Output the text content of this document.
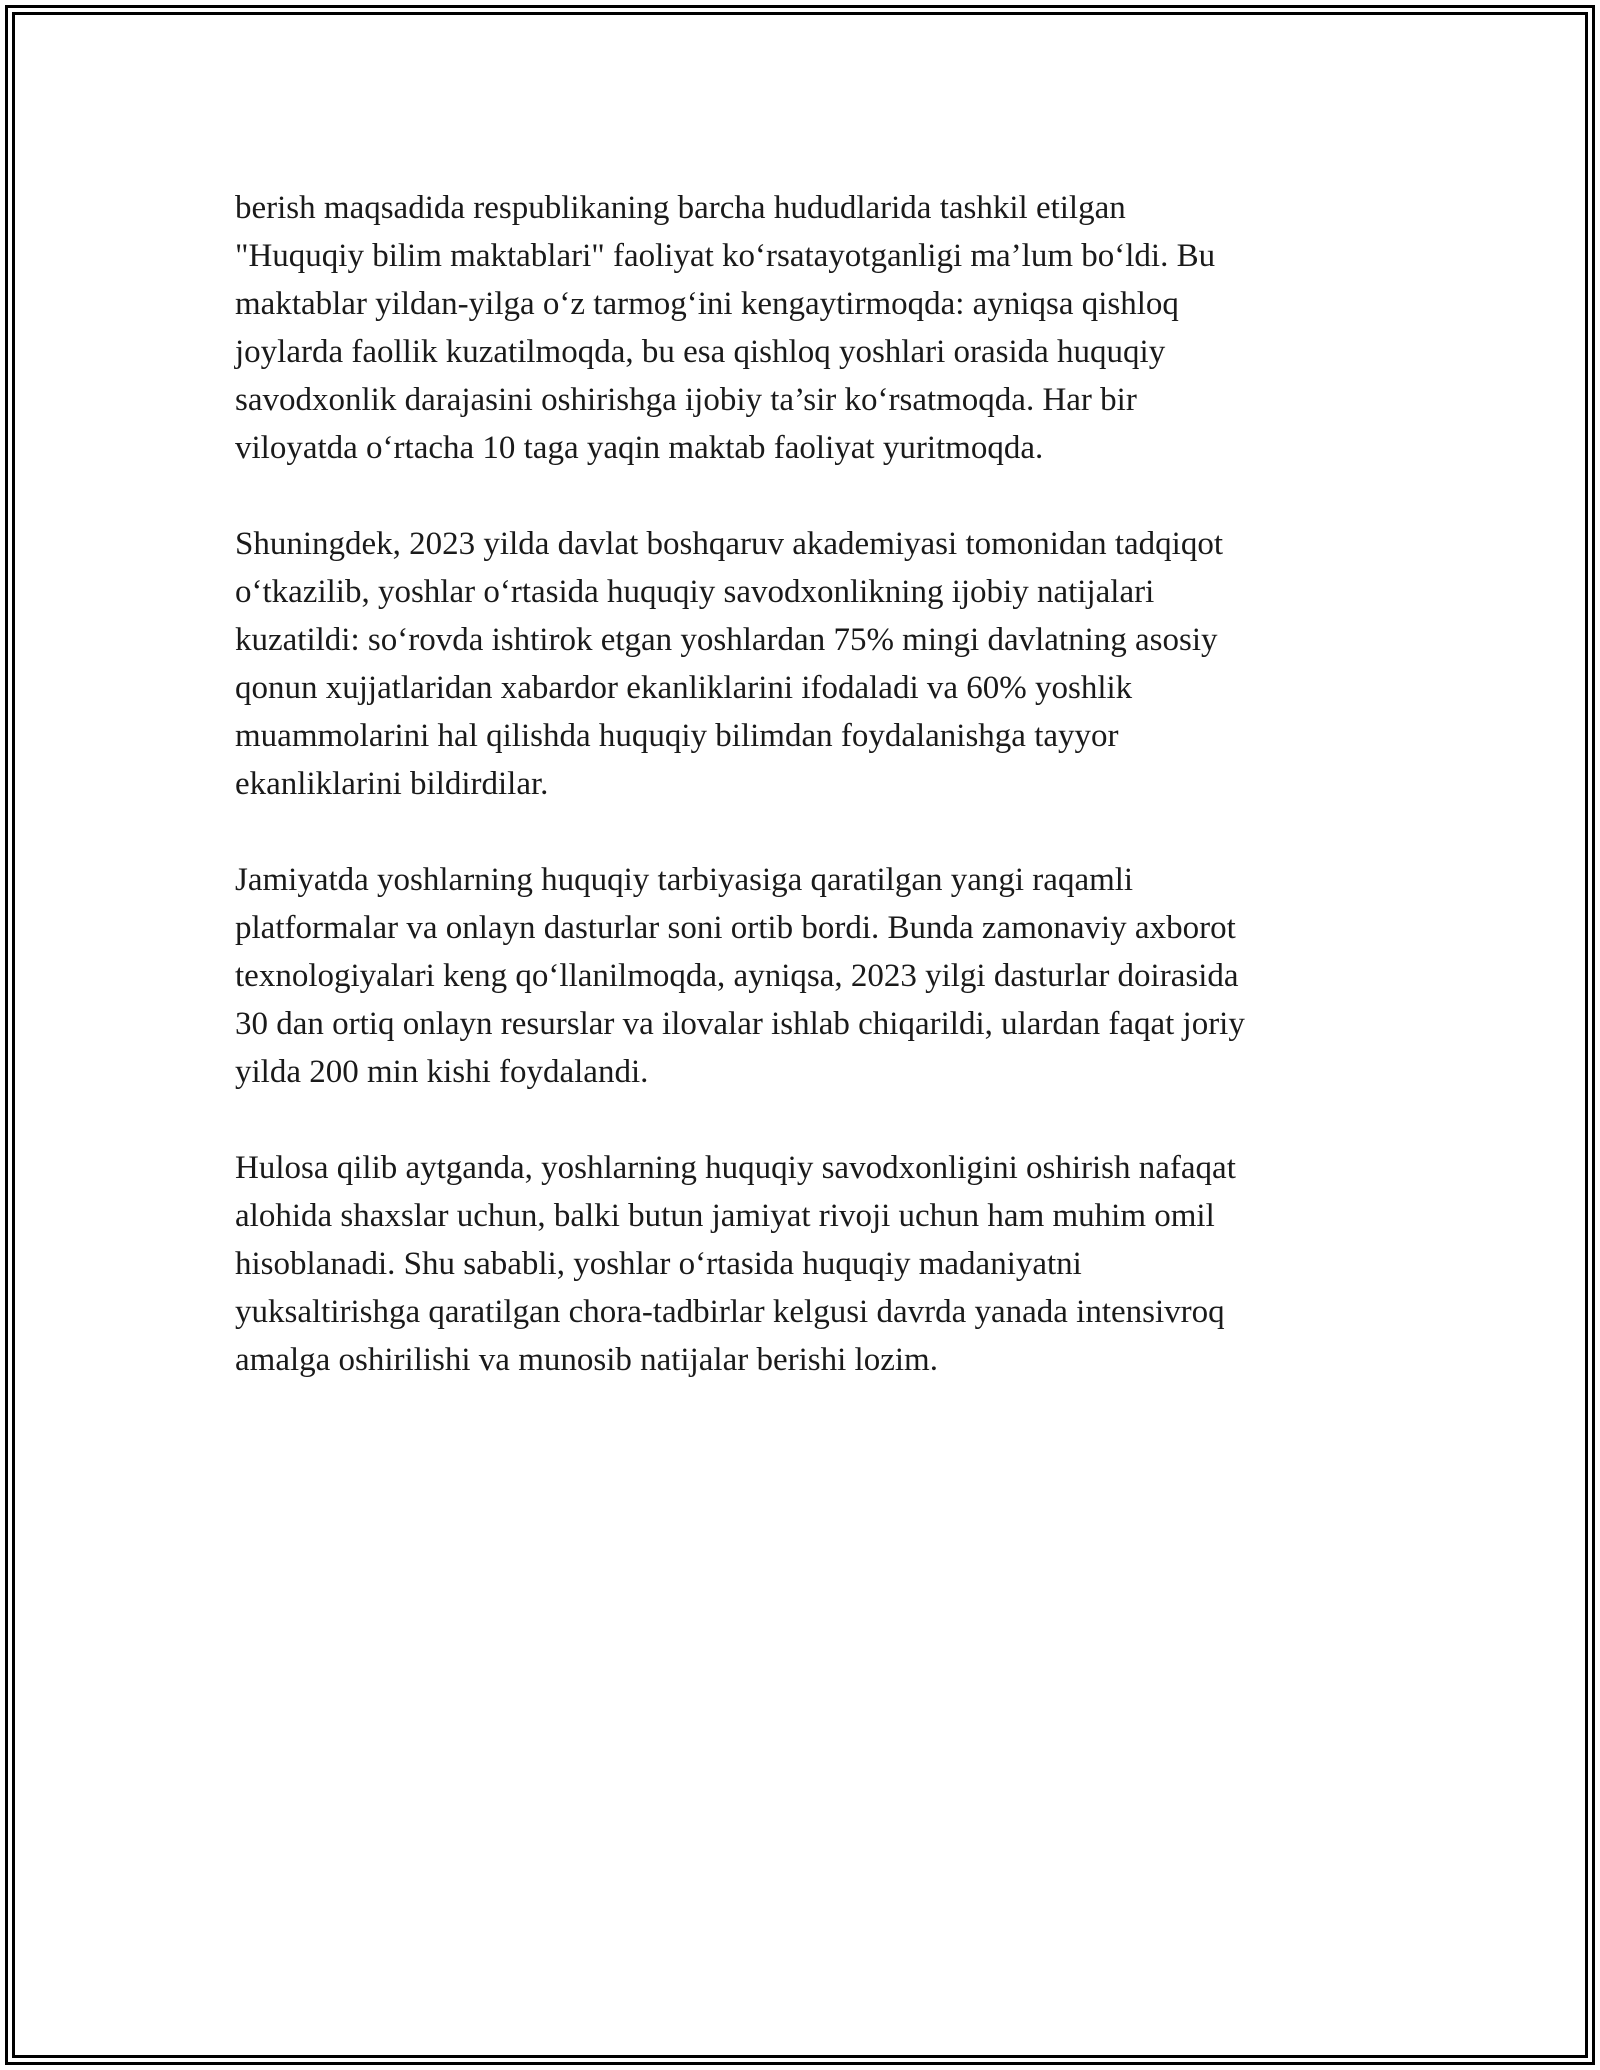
berish maqsadida respublikaning barcha hududlarida tashkil etilgan
"Huquqiy bilim maktablari" faoliyat ko‘rsatayotganligi ma’lum bo‘ldi. Bu
maktablar yildan-yilga o‘z tarmog‘ini kengaytirmoqda: ayniqsa qishloq
joylarda faollik kuzatilmoqda, bu esa qishloq yoshlari orasida huquqiy
savodxonlik darajasini oshirishga ijobiy ta’sir ko‘rsatmoqda. Har bir
viloyatda o‘rtacha 10 taga yaqin maktab faoliyat yuritmoqda.

Shuningdek, 2023 yilda davlat boshqaruv akademiyasi tomonidan tadqiqot
o‘tkazilib, yoshlar o‘rtasida huquqiy savodxonlikning ijobiy natijalari
kuzatildi: so‘rovda ishtirok etgan yoshlardan 75% mingi davlatning asosiy
qonun xujjatlaridan xabardor ekanliklarini ifodaladi va 60% yoshlik
muammolarini hal qilishda huquqiy bilimdan foydalanishga tayyor
ekanliklarini bildirdilar.

Jamiyatda yoshlarning huquqiy tarbiyasiga qaratilgan yangi raqamli
platformalar va onlayn dasturlar soni ortib bordi. Bunda zamonaviy axborot
texnologiyalari keng qo‘llanilmoqda, ayniqsa, 2023 yilgi dasturlar doirasida
30 dan ortiq onlayn resurslar va ilovalar ishlab chiqarildi, ulardan faqat joriy
yilda 200 min kishi foydalandi.

Hulosa qilib aytganda, yoshlarning huquqiy savodxonligini oshirish nafaqat
alohida shaxslar uchun, balki butun jamiyat rivoji uchun ham muhim omil
hisoblanadi. Shu sababli, yoshlar o‘rtasida huquqiy madaniyatni
yuksaltirishga qaratilgan chora-tadbirlar kelgusi davrda yanada intensivroq
amalga oshirilishi va munosib natijalar berishi lozim.
